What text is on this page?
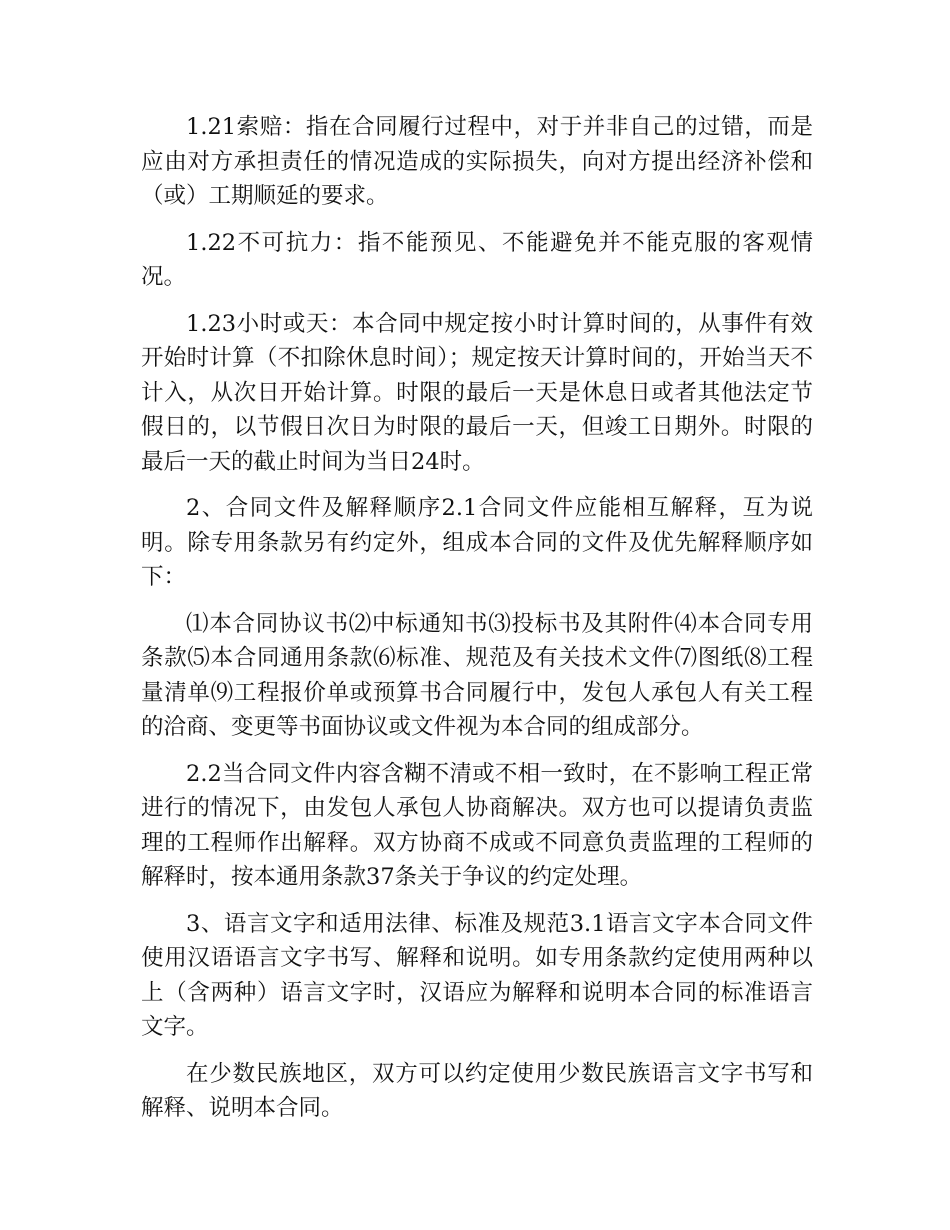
1.21索赔：指在合同履行过程中，对于并非自己的过错，而是应由对方承担责任的情况造成的实际损失，向对方提出经济补偿和（或）工期顺延的要求。

1.22不可抗力：指不能预见、不能避免并不能克服的客观情况。

1.23小时或天：本合同中规定按小时计算时间的，从事件有效开始时计算（不扣除休息时间）；规定按天计算时间的，开始当天不计入，从次日开始计算。时限的最后一天是休息日或者其他法定节假日的，以节假日次日为时限的最后一天，但竣工日期外。时限的最后一天的截止时间为当日24时。

2、合同文件及解释顺序2.1合同文件应能相互解释，互为说明。除专用条款另有约定外，组成本合同的文件及优先解释顺序如下：

⑴本合同协议书⑵中标通知书⑶投标书及其附件⑷本合同专用条款⑸本合同通用条款⑹标准、规范及有关技术文件⑺图纸⑻工程量清单⑼工程报价单或预算书合同履行中，发包人承包人有关工程的洽商、变更等书面协议或文件视为本合同的组成部分。

2.2当合同文件内容含糊不清或不相一致时，在不影响工程正常进行的情况下，由发包人承包人协商解决。双方也可以提请负责监理的工程师作出解释。双方协商不成或不同意负责监理的工程师的解释时，按本通用条款37条关于争议的约定处理。

3、语言文字和适用法律、标准及规范3.1语言文字本合同文件使用汉语语言文字书写、解释和说明。如专用条款约定使用两种以上（含两种）语言文字时，汉语应为解释和说明本合同的标准语言文字。

在少数民族地区，双方可以约定使用少数民族语言文字书写和解释、说明本合同。
